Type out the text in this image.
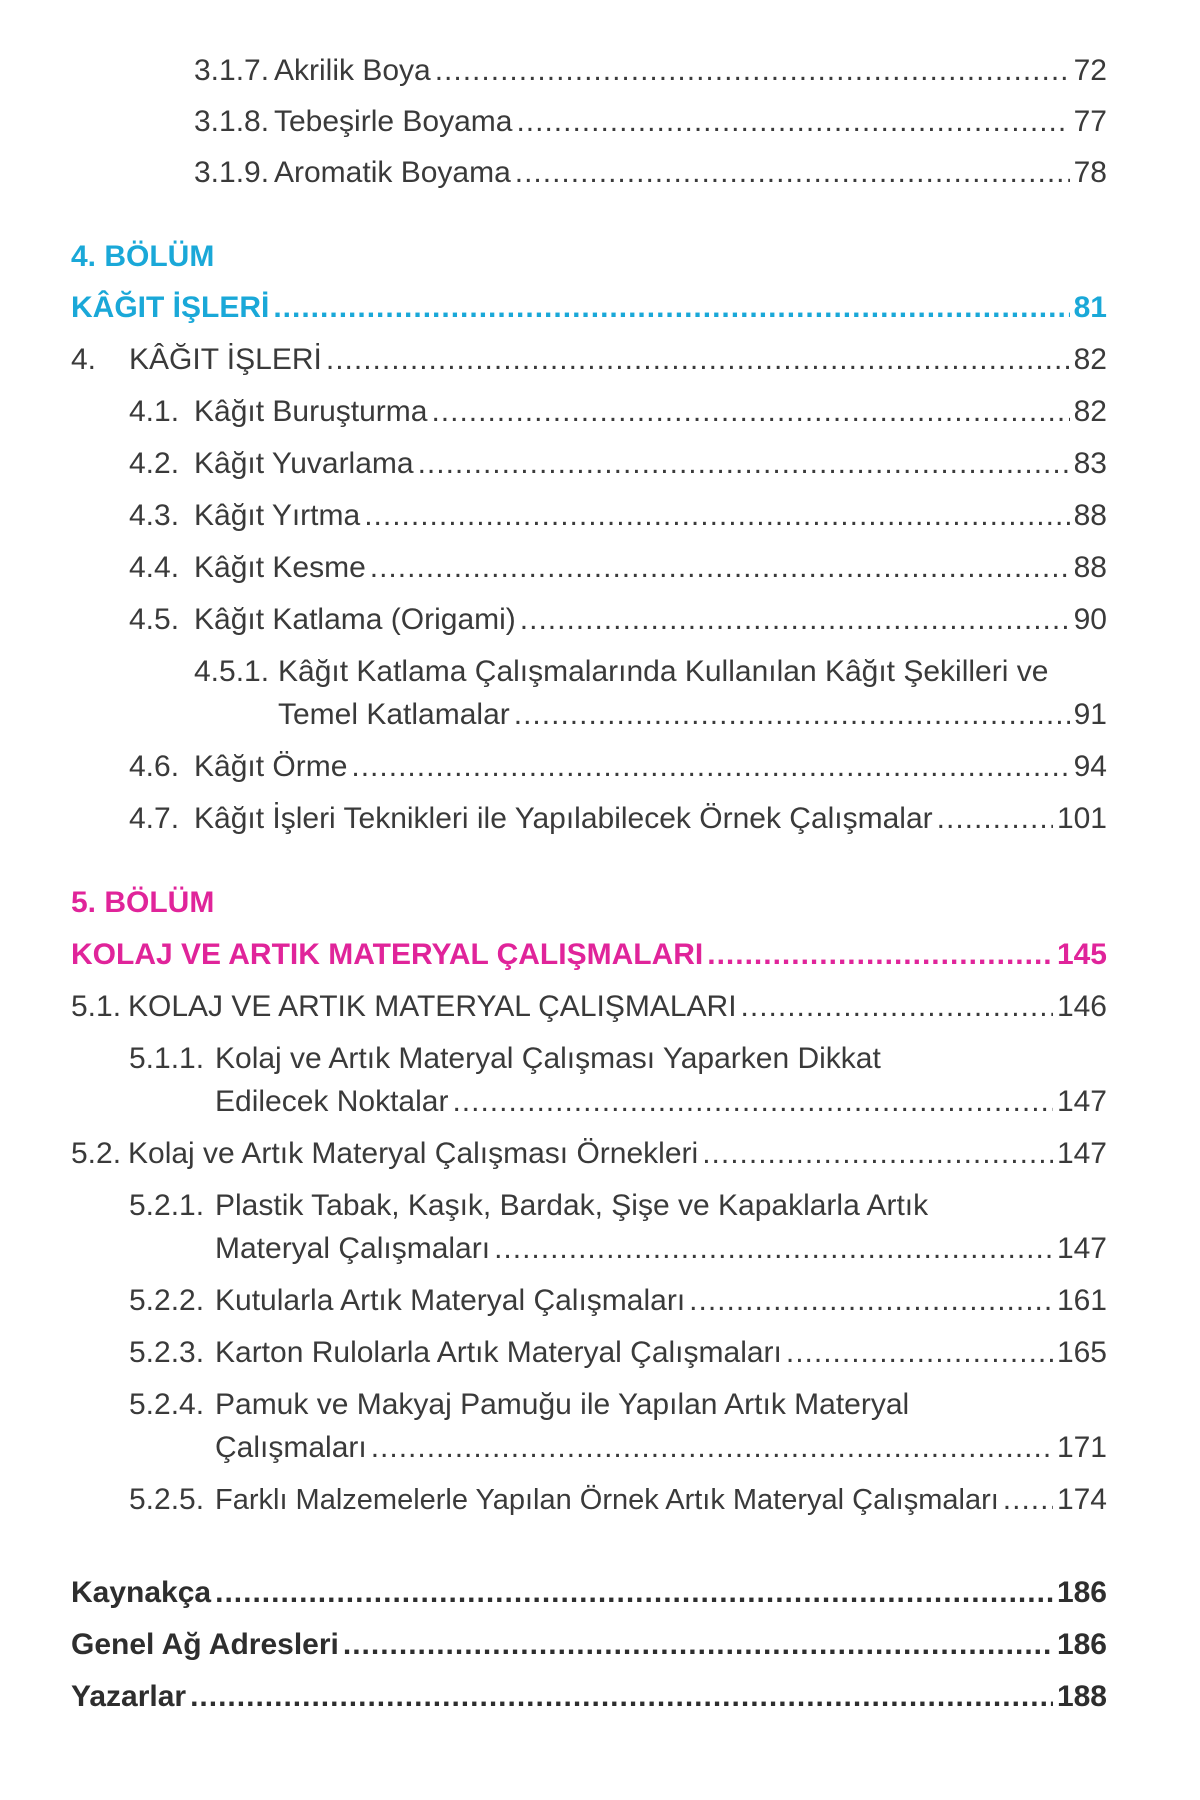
3.1.7. Akrilik Boya .....	72
3.1.8. Tebeşirle Boyama .....	77
3.1.9. Aromatik Boyama .....	78
4. BÖLÜM
KÂĞIT İŞLERİ .....	81
4.	KÂĞIT İŞLERİ .....	82
4.1. Kâğıt Buruşturma .....	82
4.2. Kâğıt Yuvarlama .....	83
4.3. Kâğıt Yırtma .....	88
4.4. Kâğıt Kesme .....	88
4.5. Kâğıt Katlama (Origami) .....	90
4.5.1. Kâğıt Katlama Çalışmalarında Kullanılan Kâğıt Şekilleri ve
Temel Katlamalar .....	91
4.6. Kâğıt Örme .....	94
4.7. Kâğıt İşleri Teknikleri ile Yapılabilecek Örnek Çalışmalar .....	101
5. BÖLÜM
KOLAJ VE ARTIK MATERYAL ÇALIŞMALARI .....	145
5.1. KOLAJ VE ARTIK MATERYAL ÇALIŞMALARI .....	146
5.1.1. Kolaj ve Artık Materyal Çalışması Yaparken Dikkat
Edilecek Noktalar .....	147
5.2. Kolaj ve Artık Materyal Çalışması Örnekleri .....	147
5.2.1. Plastik Tabak, Kaşık, Bardak, Şişe ve Kapaklarla Artık
Materyal Çalışmaları .....	147
5.2.2. Kutularla Artık Materyal Çalışmaları .....	161
5.2.3. Karton Rulolarla Artık Materyal Çalışmaları .....	165
5.2.4. Pamuk ve Makyaj Pamuğu ile Yapılan Artık Materyal
Çalışmaları .....	171
5.2.5. Farklı Malzemelerle Yapılan Örnek Artık Materyal Çalışmaları ..... 174
Kaynakça .....	186
Genel Ağ Adresleri .....	186
Yazarlar .....	188
